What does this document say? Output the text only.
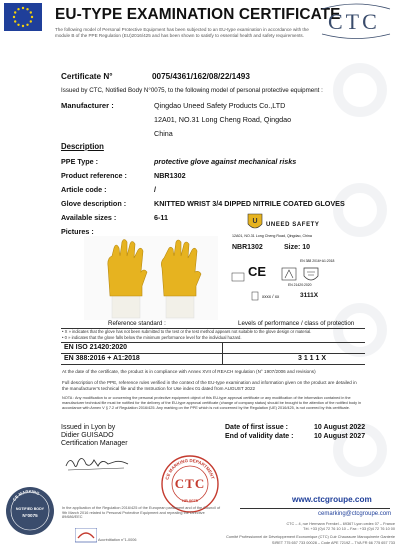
EU-TYPE EXAMINATION CERTIFICATE
CTC
The following model of Personal Protective Equipment has been subjected to an EU-type examination in accordance with the module B of the PPE Regulation (EU)2016/425 and has been shown to satisfy to essential health and safety requirements.
Certificate N°	0075/4361/162/08/22/1493
Issued by CTC, Notified Body N°0075, to the following model of personal protective equipment :
Manufacturer :	Qingdao Uneed Safety Products Co.,LTD
12A01, NO.31 Long Cheng Road, Qingdao
China
Description
PPE Type :	protective glove against mechanical risks
Product reference :	NBR1302
Article code :	/
Glove description :	KNITTED WRIST 3/4 DIPPED NITRILE COATED GLOVES
Available sizes :	6-11
Pictures :
U UNEED SAFETY
12A01, NO.31 Long Cheng Road, Qingdao, China
NBR1302	Size: 10
EN 388 2016+A1:2018
EN 21420:2020
CE
xxxx / xx	3111X
Reference standard :	Levels of performance / class of protection
• X » indicates that the glove has not been submitted to the test or the test method appears not suitable to the glove design or material.
• 0 » indicates that the glove falls below the minimum performance level for the individual hazard.
EN ISO 21420:2020
EN 388:2016 + A1:2018	3 1 1 1 X
At the date of the certificate, the product is in compliance with Annex XVII of REACH regulation (N° 1907/2006 and revisions)
Full description of the PPE, reference rules verified in the context of the EU-type examination and information given on the product are detailed in the manufacturer's technical file and the Instruction for Use index 01 dated from AUGUST 2022
NOTA : Any modification to or concerning the personal protective equipment object of this EU-type approval certificate or any modification of the information contained in the manufacturer technical file must be notified for the delivery of the EU-type approval certificate (change of company status) should be brought to the attention of the notified body in accordance with Annex V § 7.2 of Regulation 2016/425. Any marking on the PPE which is not concerned by the Regulation (UE) 2016/425, is not covered by this certificate.
Issued in Lyon by
Didier GUISADO
Certification Manager
Date of first issue :	10 August 2022
End of validity date :	10 August 2027
CE MARKING DEPARTMENT
CTC
NB 0075	www.ctcgroupe.com
cemarking@ctcgroupe.com
CE MARKING
NOTIFIED BODY
N°0075
In the application of the Regulation 2016/425 of the European parliament and of the Council of 9th March 2016 related to Personal Protective Equipment and repealing the Directive 89/686/EEC
Accréditation n°1-0006
CTC – 4, rue Hermann Frenkel – 69367 Lyon cedex 07 – France
Tél. +33 (0)4 72 76 10 10 – Fax : +33 (0)4 72 76 10 00
Comité Professionnel de Développement Economique (CTC) Cuir Chaussure Maroquinerie Ganterie
SIRET 775 657 733 00028 – Code APE 7219Z – TVA FR 66 775 657 733
